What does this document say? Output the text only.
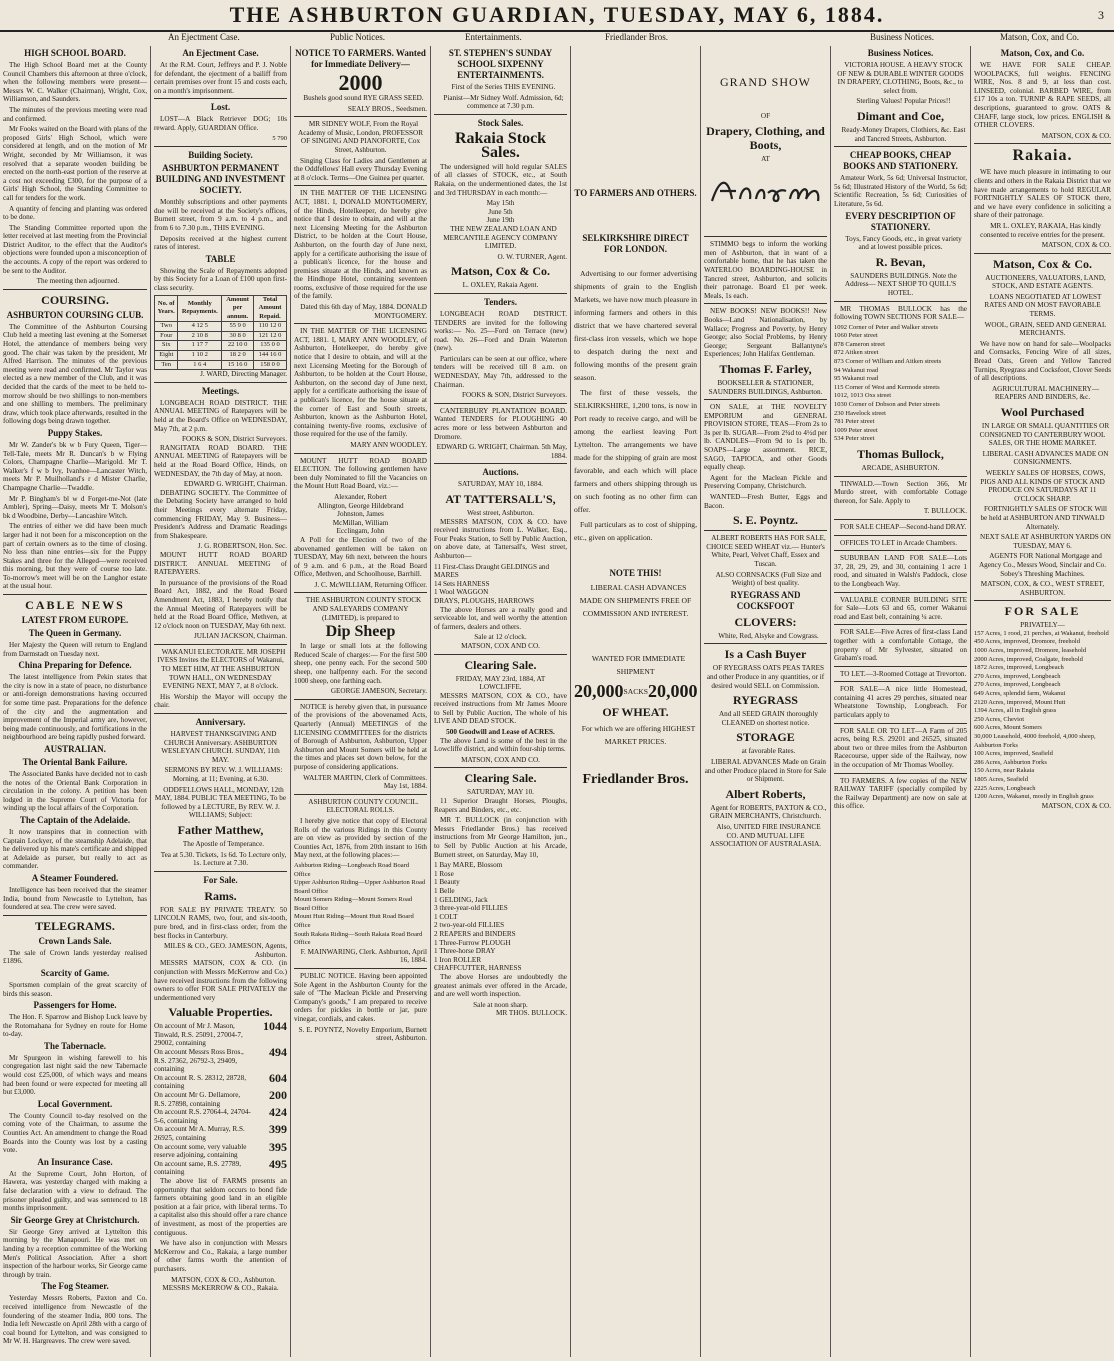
THE ASHBURTON GUARDIAN, TUESDAY, MAY 6, 1884.	3
An Ejectment Case.	Public Notices.	Entertainments.	Friedlander Bros.	Business Notices.	Matson, Cox, and Co.
HIGH SCHOOL BOARD.
The High School Board met at the County Council Chambers this afternoon at three o'clock, when the following members were present—Messrs W. C. Walker (Chairman), Wright, Cox, Williamson, and Saunders.
The minutes of the previous meeting were read and confirmed.
Mr Fooks waited on the Board with plans of the proposed Girls' High School, which were considered at length, and on the motion of Mr Wright, seconded by Mr Williamson, it was resolved that a separate wooden building be erected on the north-east portion of the reserve at a cost not exceeding £300, for the purpose of a Girls' High School, the Standing Committee to call for tenders for the work.
A quantity of fencing and planting was ordered to be done.
The Standing Committee reported upon the letter received at last meeting from the Provincial District Auditor, to the effect that the Auditor's objections were founded upon a misconception of the accounts. A copy of the report was ordered to be sent to the Auditor.
The meeting then adjourned.
COURSING.
ASHBURTON COURSING CLUB.
The Committee of the Ashburton Coursing Club held a meeting last evening at the Somerset Hotel, the attendance of members being very good. The chair was taken by the president, Mr Alfred Harrison. The minutes of the previous meeting were read and confirmed. Mr Taylor was elected as a new member of the Club, and it was decided that the cards of the meet to be held to-morrow should be two shillings to non-members and one shilling to members. The preliminary draw, which took place afterwards, resulted in the following dogs being drawn together.
Puppy Stakes.
Mr W. Zander's bk w b Fury Queen, Tiger—Tell-Tale, meets Mr R. Duncan's b w Flying Colors, Champagne Charlie—Marigold. Mr T. Walker's f w b Ivy, Ivanhoe—Lancaster Witch, meets Mr P. Muilholland's r d Mister Charlie, Champagne Charlie—Twaddle.
Mr P. Bingham's bl w d Forget-me-Not (late Ambler), Spring—Daisy, meets Mr T. Molson's bk d Woodbine, Derby—Lancashire Witch.
The entries of either we did have been much larger had it not been for a misconception on the part of certain owners as to the time of closing. No less than nine entries—six for the Puppy Stakes and three for the Alleged—were received this morning, but they were of course too late. To-morrow's meet will be on the Langhor estate at the usual hour.
CABLE NEWS
LATEST FROM EUROPE.
The Queen in Germany.
Her Majesty the Queen will return to England from Darmstadt on Tuesday next.
China Preparing for Defence.
The latest intelligence from Pekin states that the city is now in a state of peace, no disturbance or anti-foreign demonstrations having occurred for some time past. Preparations for the defence of the city and the augmentation and improvement of the Imperial army are, however, being made continuously, and fortifications in the neighbourhood are being rapidly pushed forward.
AUSTRALIAN.
The Oriental Bank Failure.
The Associated Banks have decided not to cash the notes of the Oriental Bank Corporation in circulation in the colony. A petition has been lodged in the Supreme Court of Victoria for winding up the local affairs of the Corporation.
The Captain of the Adelaide.
It now transpires that in connection with Captain Lockyer, of the steamship Adelaide, that he delivered up his mate's certificate and shipped at Adelaide as purser, but really to act as commander.
A Steamer Foundered.
Intelligence has been received that the steamer India, bound from Newcastle to Lyttelton, has foundered at sea. The crew were saved.
TELEGRAMS.
Crown Lands Sale.
The sale of Crown lands yesterday realised £1896.
Scarcity of Game.
Sportsmen complain of the great scarcity of birds this season.
Passengers for Home.
The Hon. F. Sparrow and Bishop Luck leave by the Rotomahana for Sydney en route for Home to-day.
The Tabernacle.
Mr Spurgeon in wishing farewell to his congregation last night said the new Tabernacle would cost £25,000, of which ways and means had been found or were expected for meeting all but £3,000.
Local Government.
The County Council to-day resolved on the coming vote of the Chairman, to assume the Counties Act. An amendment to change the Road Boards into the County was lost by a casting vote.
An Insurance Case.
At the Supreme Court, John Horton, of Hawera, was yesterday charged with making a false declaration with a view to defraud. The prisoner pleaded guilty, and was sentenced to 18 months imprisonment.
Sir George Grey at Christchurch.
Sir George Grey arrived at Lyttelton this morning by the Manapouri. He was met on landing by a reception committee of the Working Men's Political Association. After a short inspection of the harbour works, Sir George came through by train.
The Fog Steamer.
Yesterday Messrs Roberts, Paxton and Co. received intelligence from Newcastle of the foundering of the steamer India, 800 tons. The India left Newcastle on April 28th with a cargo of coal bound for Lyttelton, and was consigned to Mr W. H. Hargreaves. The crew were saved.
An Ejectment Case.
At the R.M. Court, Jeffreys and P. J. Noble for defendant, the ejectment of a bailiff from certain premises over front 15 and costs each, on a month's imprisonment.
Lost.
LOST—A Black Retriever DOG; 10s reward. Apply, GUARDIAN Office.
5 790
Building Society.
ASHBURTON PERMANENT BUILDING AND INVESTMENT SOCIETY.
Monthly subscriptions and other payments due will be received at the Society's offices, Burnett street, from 9 a.m. to 4 p.m., and from 6 to 7.30 p.m., THIS EVENING.
Deposits received at the highest current rates of interest.
TABLE
Showing the Scale of Repayments adopted by this Society for a Loan of £100 upon first-class security.
No. of Years.	Monthly Repayments.	Amount per annum.	Total Amount Repaid.
Two	4 12 5	55 9 0	110 12 0
Four	2 10 8	30 8 0	121 12 0
Six	1 17 7	22 10 0	135 0 0
Eight	1 10 2	18 2 0	144 16 0
Ten	1 6 4	15 16 0	158 0 0
J. WARD, Directing Manager.
Meetings.
LONGBEACH ROAD DISTRICT. THE ANNUAL MEETING of Ratepayers will be held at the Board's Office on WEDNESDAY, May 7th, at 2 p.m.
FOOKS & SON, District Surveyors.
RANGITATA ROAD BOARD. THE ANNUAL MEETING of Ratepayers will be held at the Road Board Office, Hinds, on WEDNESDAY, the 7th day of May, at noon.
EDWARD G. WRIGHT, Chairman.
DEBATING SOCIETY. The Committee of the Debating Society have arranged to hold their Meetings every alternate Friday, commencing FRIDAY, May 9. Business—President's Address and Dramatic Readings from Shakespeare.
J. G. ROBERTSON, Hon. Sec.
MOUNT HUTT ROAD BOARD DISTRICT. ANNUAL MEETING of RATEPAYERS.
In pursuance of the provisions of the Road Board Act, 1882, and the Road Board Amendment Act, 1883, I hereby notify that the Annual Meeting of Ratepayers will be held at the Road Board Office, Methven, at 12 o'clock noon on TUESDAY, May 6th next.
JULIAN JACKSON, Chairman.
WAKANUI ELECTORATE. MR JOSEPH IVESS Invites the ELECTORS of Wakanui, TO MEET HIM, AT THE ASHBURTON TOWN HALL, ON WEDNESDAY EVENING NEXT, MAY 7, at 8 o'clock.
His Worship the Mayor will occupy the chair.
Anniversary.
HARVEST THANKSGIVING AND CHURCH Anniversary. ASHBURTON WESLEYAN CHURCH. SUNDAY, 11th MAY.
SERMONS BY REV. W. J. WILLIAMS: Morning, at 11; Evening, at 6.30.
ODDFELLOWS HALL, MONDAY, 12th MAY, 1884. PUBLIC TEA MEETING, To be followed by a LECTURE, By REV. W. J. WILLIAMS; Subject:
Father Matthew,
The Apostle of Temperance.
Tea at 5.30. Tickets, 1s 6d. To Lecture only, 1s. Lecture at 7.30.
For Sale.
Rams.
FOR SALE BY PRIVATE TREATY. 50 LINCOLN RAMS, two, four, and six-tooth, pure bred, and in first-class order, from the best flocks in Canterbury.
MILES & CO., GEO. JAMESON, Agents, Ashburton.
MESSRS MATSON, COX & CO. (in conjunction with Messrs McKerrow and Co.) have received instructions from the following owners to offer FOR SALE PRIVATELY the undermentioned very
Valuable Properties.
On account of Mr J. Mason, Tinwald, R.S. 25091, 27004-7, 29002, containing
1044
On account Messrs Ross Bros., R.S. 27362, 26792-3, 29409, containing
494
On account R. S. 28312, 28728, containing
604
On account Mr G. Dellamore, R.S. 27898, containing
200
On account R.S. 27064-4, 24704-5-6, containing
424
On account Mr A. Murray, R.S. 26925, containing
399
On account some, very valuable reserve adjoining, containing
395
On account same, R.S. 27789, containing
495
The above list of FARMS presents an opportunity that seldom occurs to bond fide farmers obtaining good land in an eligible position at a fair price, with liberal terms. To a capitalist also this should offer a rare chance of investment, as most of the properties are contiguous.
We have also in conjunction with Messrs McKerrow and Co., Rakaia, a large number of other farms worth the attention of purchasers.
MATSON, COX & CO., Ashburton. MESSRS McKERROW & CO., Rakaia.
NOTICE TO FARMERS. Wanted for Immediate Delivery—
2000
Bushels good sound RYE GRASS SEED.
SEALY BROS., Seedsmen.
MR SIDNEY WOLF, From the Royal Academy of Music, London, PROFESSOR OF SINGING AND PIANOFORTE, Cox Street, Ashburton.
Singing Class for Ladies and Gentlemen at the Oddfellows' Hall every Thursday Evening at 8 o'clock. Terms—One Guinea per quarter.
IN THE MATTER OF THE LICENSING ACT, 1881. I, DONALD MONTGOMERY, of the Hinds, Hotelkeeper, do hereby give notice that I desire to obtain, and will at the next Licensing Meeting for the Ashburton District, to be holden at the Court House, Ashburton, on the fourth day of June next, apply for a certificate authorising the issue of a publican's licence, for the house and premises situate at the Hinds, and known as the Hindhope Hotel, containing seventeen rooms, exclusive of those required for the use of the family.
Dated this 6th day of May, 1884. DONALD MONTGOMERY.
IN THE MATTER OF THE LICENSING ACT, 1881. I, MARY ANN WOODLEY, of Ashburton, Hotelkeeper, do hereby give notice that I desire to obtain, and will at the next Licensing Meeting for the Borough of Ashburton, to be holden at the Court House, Ashburton, on the second day of June next, apply for a certificate authorising the issue of a publican's licence, for the house situate at the corner of East and South streets, Ashburton, known as the Ashburton Hotel, containing twenty-five rooms, exclusive of those required for the use of the family.
MARY ANN WOODLEY.
MOUNT HUTT ROAD BOARD ELECTION. The following gentlemen have been duly Nominated to fill the Vacancies on the Mount Hutt Road Board, viz.:—
Alexander, Robert
Allington, George Hildebrand
Johnston, James
McMillan, William
Ecclingam, John
A Poll for the Election of two of the abovenamed gentlemen will be taken on TUESDAY, May 6th next, between the hours of 9 a.m. and 6 p.m., at the Road Board Office, Methven, and Schoolhouse, Barrhill.
J. C. McWILLIAM, Returning Officer.
THE ASHBURTON COUNTY STOCK AND SALEYARDS COMPANY (LIMITED), is prepared to
Dip Sheep
In large or small lots at the following Reduced Scale of charges:— For the first 500 sheep, one penny each. For the second 500 sheep, one halfpenny each. For the second 1000 sheep, one farthing each.
GEORGE JAMESON, Secretary.
NOTICE is hereby given that, in pursuance of the provisions of the abovenamed Acts, Quarterly (Annual) MEETINGS of the LICENSING COMMITTEES for the districts of Borough of Ashburton, Ashburton, Upper Ashburton and Mount Somers will be held at the times and places set down below, for the purpose of considering applications.
WALTER MARTIN, Clerk of Committees. May 1st, 1884.
ASHBURTON COUNTY COUNCIL. ELECTORAL ROLLS.
I hereby give notice that copy of Electoral Rolls of the various Ridings in this County are on view as provided by section of the Counties Act, 1876, from 20th instant to 16th May next, at the following places:—
Ashburton Riding—Longbeach Road Board Office
Upper Ashburton Riding—Upper Ashburton Road Board Office
Mount Somers Riding—Mount Somers Road Board Office
Mount Hutt Riding—Mount Hutt Road Board Office
South Rakaia Riding—South Rakaia Road Board Office
F. MAINWARING, Clerk. Ashburton, April 16, 1884.
PUBLIC NOTICE. Having been appointed Sole Agent in the Ashburton County for the sale of "The Maclean Pickle and Preserving Company's goods," I am prepared to receive orders for pickles in bottle or jar, pure vinegar, cordials, and cakes.
S. E. POYNTZ, Novelty Emporium, Burnett street, Ashburton.
ST. STEPHEN'S SUNDAY SCHOOL SIXPENNY ENTERTAINMENTS.
First of the Series THIS EVENING.
Pianist—Mr Sidney Wolf. Admission, 6d; commence at 7.30 p.m.
Stock Sales.
Rakaia Stock Sales.
The undersigned will hold regular SALES of all classes of STOCK, etc., at South Rakaia, on the undermentioned dates, the 1st and 3rd THURSDAY in each month:—
May 15th
June 5th
June 19th
THE NEW ZEALAND LOAN AND MERCANTILE AGENCY COMPANY LIMITED.
O. W. TURNER, Agent.
Matson, Cox & Co.
L. OXLEY, Rakaia Agent.
Tenders.
LONGBEACH ROAD DISTRICT. TENDERS are invited for the following works:— No. 25—Ford on Terrace (new) road. No. 26—Ford and Drain Waterton (new).
Particulars can be seen at our office, where tenders will be received till 8 a.m. on WEDNESDAY, May 7th, addressed to the Chairman.
FOOKS & SON, District Surveyors.
CANTERBURY PLANTATION BOARD. Wanted TENDERS for PLOUGHING 40 acres more or less between Ashburton and Dromore.
EDWARD G. WRIGHT, Chairman. 5th May, 1884.
Auctions.
SATURDAY, MAY 10, 1884.
AT TATTERSALL'S,
West street, Ashburton.
MESSRS MATSON, COX & CO. have received instructions from L. Walker, Esq., Four Peaks Station, to Sell by Public Auction, on above date, at Tattersall's, West street, Ashburton—
11 First-Class Draught GELDINGS and MARES
14 Sets HARNESS
1 Wool WAGGON
DRAYS, PLOUGHS, HARROWS
The above Horses are a really good and serviceable lot, and well worthy the attention of farmers, dealers and others.
Sale at 12 o'clock.
MATSON, COX AND CO.
Clearing Sale.
FRIDAY, MAY 23rd, 1884, AT LOWCLIFFE.
MESSRS MATSON, COX & CO., have received instructions from Mr James Moore to Sell by Public Auction, The whole of his LIVE AND DEAD STOCK.
500 Goodwill and Lease of ACRES.
The above Land is some of the best in the Lowcliffe district, and within four-ship terms.
MATSON, COX AND CO.
Clearing Sale.
SATURDAY, MAY 10.
11 Superior Draught Horses, Ploughs, Reapers and Binders, etc., etc.
MR T. BULLOCK (in conjunction with Messrs Friedlander Bros.) has received instructions from Mr George Hamilton, jun., to Sell by Public Auction at his Arcade, Burnett street, on Saturday, May 10,
1 Bay MARE, Blossom
1 Rose
1 Beauty
1 Belle
1 GELDING, Jack
3 three-year-old FILLIES
1 COLT
2 two-year-old FILLIES
2 REAPERS and BINDERS
1 Three-Furrow PLOUGH
1 Three-horse DRAY
1 Iron ROLLER
CHAFFCUTTER, HARNESS
The above Horses are undoubtedly the greatest animals ever offered in the Arcade, and are well worth inspection.
Sale at noon sharp.
MR THOS. BULLOCK.
TO FARMERS AND OTHERS.
SELKIRKSHIRE DIRECT FOR LONDON.
Advertising to our former advertising shipments of grain to the English Markets, we have now much pleasure in informing farmers and others in this district that we have chartered several first-class iron vessels, which we hope to despatch during the next and following months of the present grain season.
The first of these vessels, the SELKIRKSHIRE, 1,200 tons, is now in Port ready to receive cargo, and will be among the earliest leaving Port Lyttelton. The arrangements we have made for the shipping of grain are most favorable, and each which will place farmers and others shipping through us on such footing as no other firm can offer.
Full particulars as to cost of shipping, etc., given on application.
NOTE THIS!
LIBERAL CASH ADVANCES MADE ON SHIPMENTS FREE OF COMMISSION AND INTEREST.
WANTED FOR IMMEDIATE SHIPMENT
20,000 SACKS 20,000
OF WHEAT.
For which we are offering HIGHEST MARKET PRICES.
Friedlander Bros.
GRAND SHOW
OF
Drapery, Clothing, and Boots,
AT
STIMMO begs to inform the working men of Ashburton, that in want of a comfortable home, that he has taken the WATERLOO BOARDING-HOUSE in Tancred street, Ashburton, and solicits their patronage. Board £1 per week. Meals, 1s each.
NEW BOOKS! NEW BOOKS!! New Books—Land Nationalisation, by Wallace; Progress and Poverty, by Henry George; also Social Problems, by Henry George; Sergeant Ballantyne's Experiences; John Halifax Gentleman.
Thomas F. Farley,
BOOKSELLER & STATIONER, SAUNDERS BUILDINGS, Ashburton.
ON SALE, at THE NOVELTY EMPORIUM and GENERAL PROVISION STORE, TEAS—From 2s to 3s per lb. SUGAR—From 2¾d to 4½d per lb. CANDLES—From 9d to 1s per lb. SOAPS—Large assortment. RICE, SAGO, TAPIOCA, and other Goods equally cheap.
Agent for the Maclean Pickle and Preserving Company, Christchurch.
WANTED—Fresh Butter, Eggs and Bacon.
S. E. Poyntz.
ALBERT ROBERTS HAS FOR SALE, CHOICE SEED WHEAT viz.— Hunter's White, Pearl, Velvet Chaff, Essex and Tuscan.
ALSO CORNSACKS (Full Size and Weight) of best quality.
RYEGRASS AND COCKSFOOT
CLOVERS:
White, Red, Alsyke and Cowgrass.
Is a Cash Buyer
OF RYEGRASS OATS PEAS TARES and other Produce in any quantities, or if desired would SELL on Commission.
RYEGRASS
And all SEED GRAIN thoroughly CLEANED on shortest notice.
STORAGE
at favorable Rates.
LIBERAL ADVANCES Made on Grain and other Produce placed in Store for Sale or Shipment.
Albert Roberts,
Agent for ROBERTS, PAXTON & CO., GRAIN MERCHANTS, Christchurch.
Also, UNITED FIRE INSURANCE CO. AND MUTUAL LIFE ASSOCIATION OF AUSTRALASIA.
Business Notices.
VICTORIA HOUSE. A HEAVY STOCK OF NEW & DURABLE WINTER GOODS IN DRAPERY, CLOTHING, Boots, &c., to select from.
Sterling Values! Popular Prices!!
Dimant and Coe,
Ready-Money Drapers, Clothiers, &c. East and Tancred Streets, Ashburton.
CHEAP BOOKS, CHEAP BOOKS AND STATIONERY.
Amateur Work, 5s 6d; Universal Instructor, 5s 6d; Illustrated History of the World, 5s 6d; Scientific Recreation, 5s 6d; Curiosities of Literature, 5s 6d.
EVERY DESCRIPTION OF STATIONERY.
Toys, Fancy Goods, etc., in great variety and at lowest possible prices.
R. Bevan,
SAUNDERS BUILDINGS. Note the Address— NEXT SHOP TO QUILL'S HOTEL.
MR THOMAS BULLOCK has the following TOWN SECTIONS FOR SALE—
1092 Corner of Peter and Walker streets
1060 Peter street
878 Cameron street
872 Aitken street
873 Corner of William and Aitken streets
94 Wakanui road
95 Wakanui road
115 Corner of West and Kermode streets
1012, 1013 Oxs street
1030 Corner of Dobson and Peter streets
230 Havelock street
781 Peter street
1009 Peter street
534 Peter street
Thomas Bullock,
ARCADE, ASHBURTON.
TINWALD.—Town Section 366, Mr Murdo street, with comfortable Cottage thereon, for Sale. Apply to
T. BULLOCK.
FOR SALE CHEAP—Second-hand DRAY.
OFFICES TO LET in Arcade Chambers.
SUBURBAN LAND FOR SALE—Lots 37, 28, 29, 29, and 30, containing 1 acre 1 rood, and situated in Walsh's Paddock, close to the Longbeach Way.
VALUABLE CORNER BUILDING SITE for Sale—Lots 63 and 65, corner Wakanui road and East belt, containing ¼ acre.
FOR SALE—Five Acres of first-class Land together with a comfortable Cottage, the property of Mr Sylvester, situated on Graham's road.
TO LET.—3-Roomed Cottage at Trevorton.
FOR SALE—A nice little Homestead, containing 41 acres 29 perches, situated near Wheatstone Township, Longbeach. For particulars apply to
FOR SALE OR TO LET—A Farm of 205 acres, being R.S. 29201 and 26525, situated about two or three miles from the Ashburton Racecourse, upper side of the Railway, now in the occupation of Mr Thomas Woolley.
TO FARMERS. A few copies of the NEW RAILWAY TARIFF (specially compiled by the Railway Department) are now on sale at this office.
Matson, Cox, and Co.
WE HAVE FOR SALE CHEAP. WOOLPACKS, full weights. FENCING WIRE, Nos. 8 and 9, at less than cost. LINSEED, colonial. BARBED WIRE, from £17 10s a ton. TURNIP & RAPE SEEDS, all descriptions, guaranteed to grow. OATS & CHAFF, large stock, low prices. ENGLISH & OTHER CLOVERS.
MATSON, COX & CO.
Rakaia.
WE have much pleasure in intimating to our clients and others in the Rakaia District that we have made arrangements to hold REGULAR FORTNIGHTLY SALES OF STOCK there, and we have every confidence in soliciting a share of their patronage.
MR L. OXLEY, RAKAIA, Has kindly consented to receive entries for the present.
MATSON, COX & CO.
Matson, Cox & Co.
AUCTIONEERS, VALUATORS, LAND, STOCK, AND ESTATE AGENTS.
LOANS NEGOTIATED AT LOWEST RATES AND ON MOST FAVORABLE TERMS.
WOOL, GRAIN, SEED AND GENERAL MERCHANTS.
We have now on hand for sale—Woolpacks and Cornsacks, Fencing Wire of all sizes, Bread Oats, Green and Yellow Tancred Turnips, Ryegrass and Cocksfoot, Clover Seeds of all descriptions.
AGRICULTURAL MACHINERY—REAPERS AND BINDERS, &c.
Wool Purchased
IN LARGE OR SMALL QUANTITIES OR CONSIGNED TO CANTERBURY WOOL SALES, OR THE HOME MARKET.
LIBERAL CASH ADVANCES MADE ON CONSIGNMENTS.
WEEKLY SALES OF HORSES, COWS, PIGS AND ALL KINDS OF STOCK AND PRODUCE ON SATURDAYS AT 11 O'CLOCK SHARP.
FORTNIGHTLY SALES OF STOCK Will be held at ASHBURTON AND TINWALD Alternately.
NEXT SALE AT ASHBURTON YARDS ON TUESDAY, MAY 6.
AGENTS FOR National Mortgage and Agency Co., Messrs Wood, Sinclair and Co. Sobey's Threshing Machines.
MATSON, COX, & CO., WEST STREET, ASHBURTON.
FOR SALE
PRIVATELY—
157 Acres, 1 rood, 21 perches, at Wakanui, freehold
450 Acres, improved, Dromore, freehold
1000 Acres, improved, Dromore, leasehold
2000 Acres, improved, Coalgate, freehold
1872 Acres, improved, Longbeach
270 Acres, improved, Longbeach
270 Acres, improved, Longbeach
649 Acres, splendid farm, Wakanui
2120 Acres, improved, Mount Hutt
1394 Acres, all in English grass
250 Acres, Cheviot
600 Acres, Mount Somers
30,000 Leasehold, 4000 freehold, 4,000 sheep, Ashburton Forks
100 Acres, improved, Seafield
286 Acres, Ashburton Forks
150 Acres, near Rakaia
1805 Acres, Seafield
2225 Acres, Longbeach
1200 Acres, Wakanui, mostly in English grass
MATSON, COX & CO.
